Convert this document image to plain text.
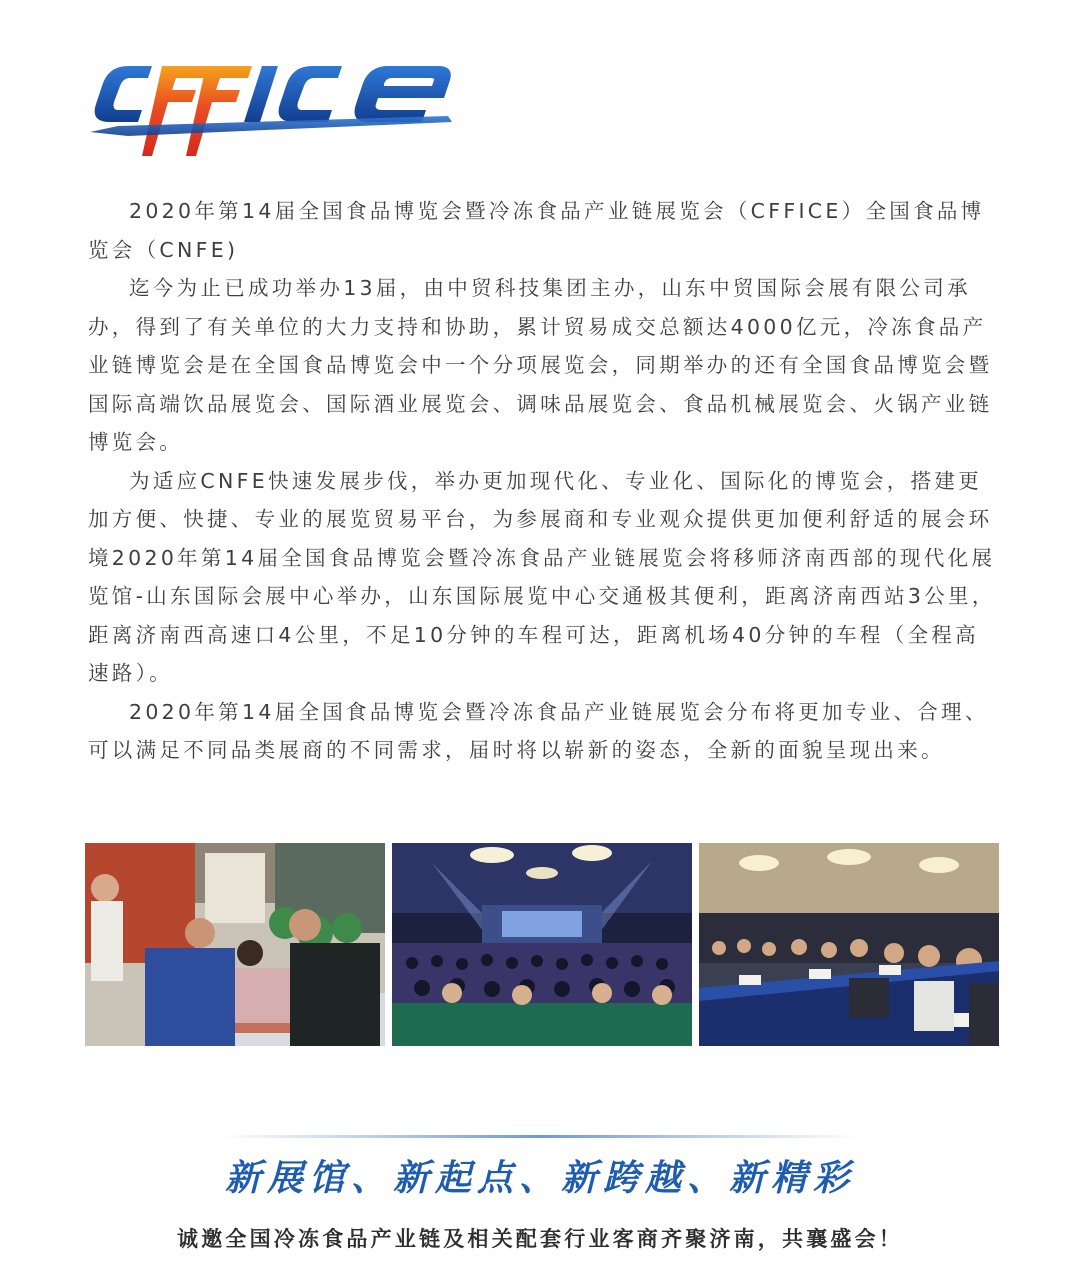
2020年第14届全国食品博览会暨冷冻食品产业链展览会（CFFICE）全国食品博览会（CNFE)

迄今为止已成功举办13届，由中贸科技集团主办，山东中贸国际会展有限公司承办，得到了有关单位的大力支持和协助，累计贸易成交总额达4000亿元，冷冻食品产业链博览会是在全国食品博览会中一个分项展览会，同期举办的还有全国食品博览会暨国际高端饮品展览会、国际酒业展览会、调味品展览会、食品机械展览会、火锅产业链博览会。

为适应CNFE快速发展步伐，举办更加现代化、专业化、国际化的博览会，搭建更加方便、快捷、专业的展览贸易平台，为参展商和专业观众提供更加便利舒适的展会环境2020年第14届全国食品博览会暨冷冻食品产业链展览会将移师济南西部的现代化展览馆-山东国际会展中心举办，山东国际展览中心交通极其便利，距离济南西站3公里，距离济南西高速口4公里，不足10分钟的车程可达，距离机场40分钟的车程（全程高速路）。

2020年第14届全国食品博览会暨冷冻食品产业链展览会分布将更加专业、合理、可以满足不同品类展商的不同需求，届时将以崭新的姿态，全新的面貌呈现出来。

新展馆、新起点、新跨越、新精彩
诚邀全国冷冻食品产业链及相关配套行业客商齐聚济南，共襄盛会！
